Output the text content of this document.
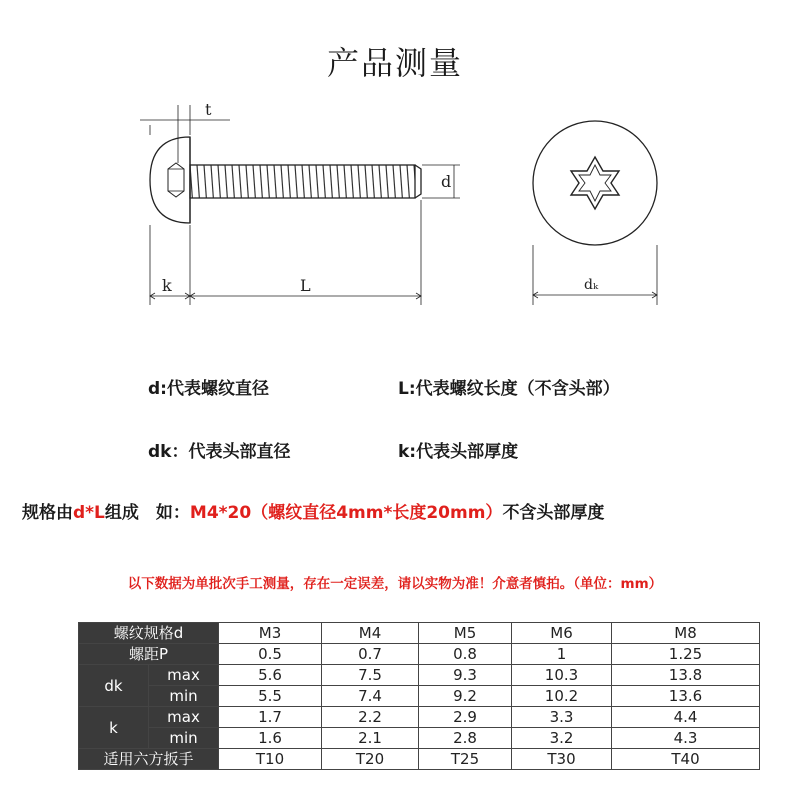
产品测量
t
d
k	L	dₖ
d:代表螺纹直径	L:代表螺纹长度（不含头部）
dk：代表头部直径	k:代表头部厚度
规格由d*L组成　如：M4*20（螺纹直径4mm*长度20mm）不含头部厚度
以下数据为单批次手工测量，存在一定误差，请以实物为准！介意者慎拍。（单位：mm）
螺纹规格d		M3	M4	M5	M6	M8
螺距P		0.5	0.7	0.8	1	1.25
dk	max	5.6	7.5	9.3	10.3	13.8
	min	5.5	7.4	9.2	10.2	13.6
k	max	1.7	2.2	2.9	3.3	4.4
	min	1.6	2.1	2.8	3.2	4.3
适用六方扳手		T10	T20	T25	T30	T40
